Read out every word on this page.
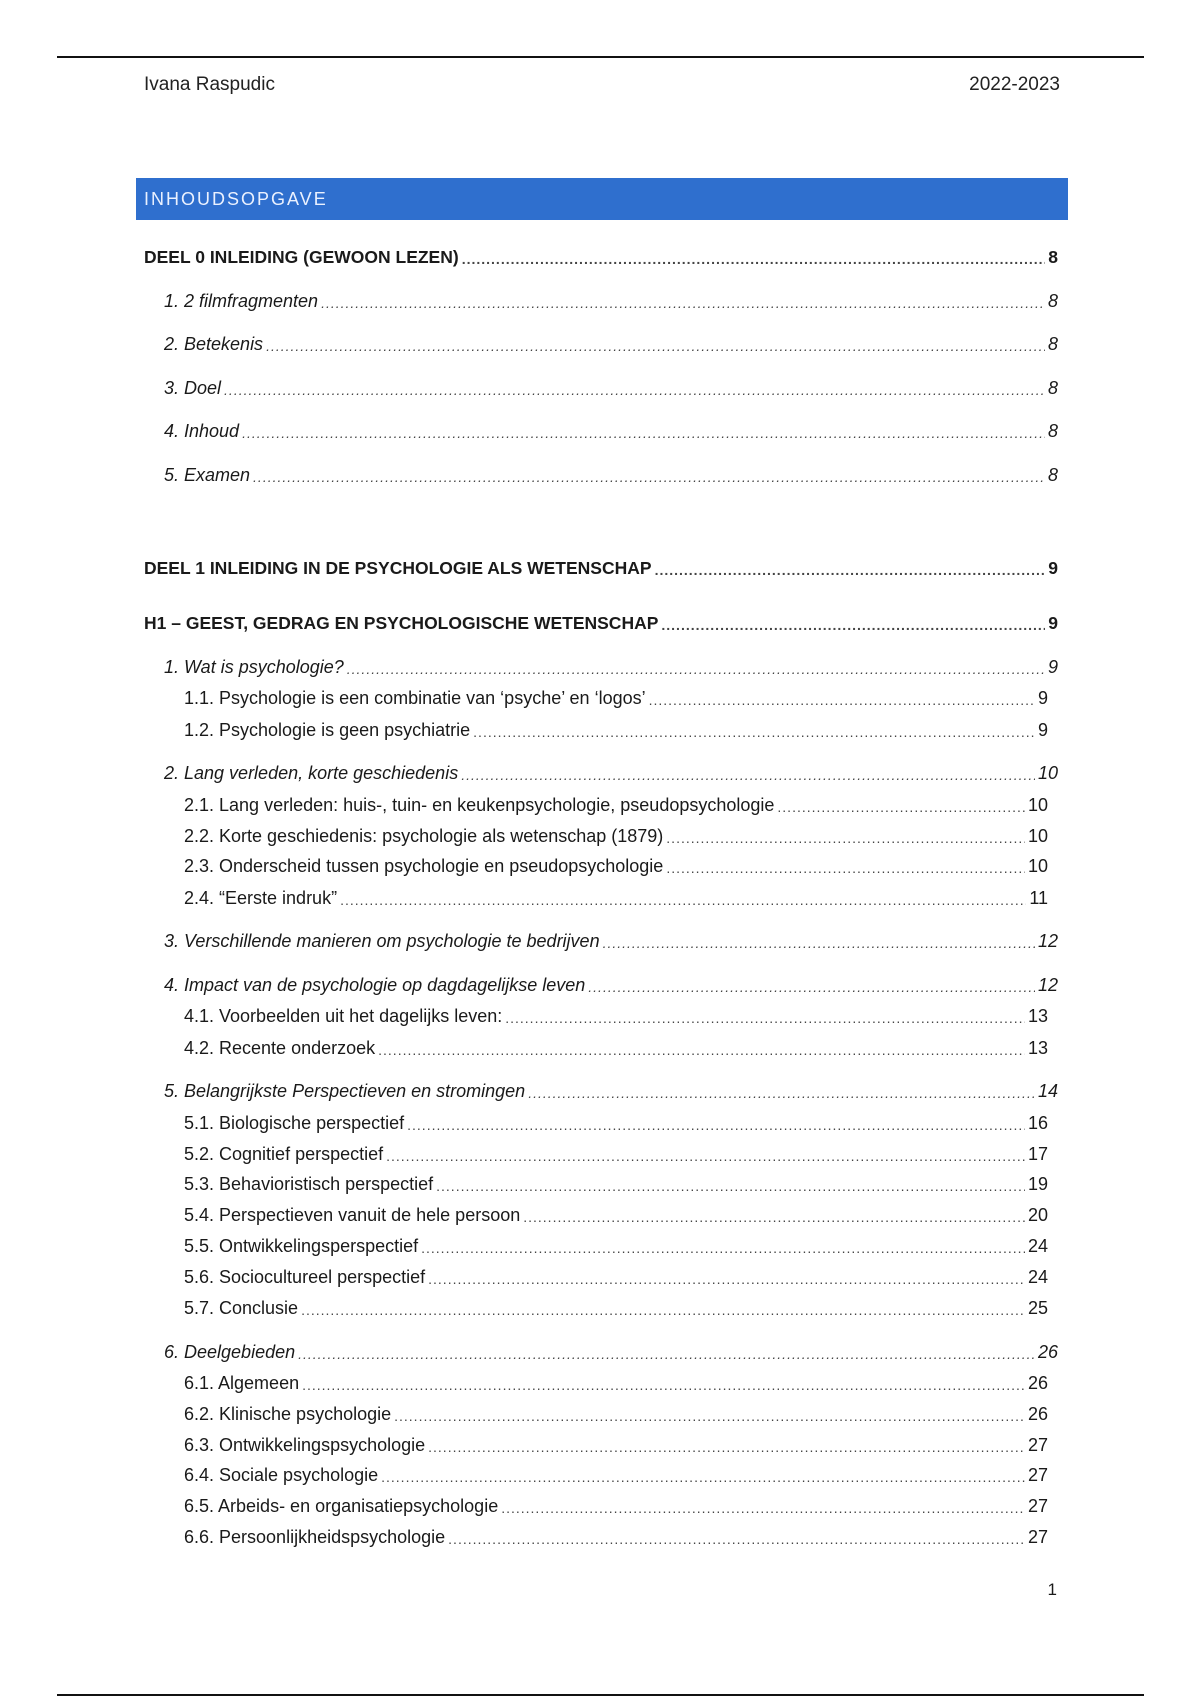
Ivana Raspudic	2022-2023
INHOUDSOPGAVE
DEEL 0 INLEIDING (GEWOON LEZEN) .....	8
1. 2 filmfragmenten .....	8
2. Betekenis .....	8
3. Doel .....	8
4. Inhoud .....	8
5. Examen .....	8
DEEL 1 INLEIDING IN DE PSYCHOLOGIE ALS WETENSCHAP .....	9
H1 – GEEST, GEDRAG EN PSYCHOLOGISCHE WETENSCHAP .....	9
1. Wat is psychologie? .....	9
1.1. Psychologie is een combinatie van ‘psyche’ en ‘logos’ .....	9
1.2. Psychologie is geen psychiatrie .....	9
2. Lang verleden, korte geschiedenis .....	10
2.1. Lang verleden: huis-, tuin- en keukenpsychologie, pseudopsychologie .....	10
2.2. Korte geschiedenis: psychologie als wetenschap (1879) .....	10
2.3. Onderscheid tussen psychologie en pseudopsychologie .....	10
2.4. “Eerste indruk” .....	11
3. Verschillende manieren om psychologie te bedrijven .....	12
4. Impact van de psychologie op dagdagelijkse leven .....	12
4.1. Voorbeelden uit het dagelijks leven: .....	13
4.2. Recente onderzoek .....	13
5. Belangrijkste Perspectieven en stromingen .....	14
5.1. Biologische perspectief .....	16
5.2. Cognitief perspectief .....	17
5.3. Behavioristisch perspectief .....	19
5.4. Perspectieven vanuit de hele persoon .....	20
5.5. Ontwikkelingsperspectief .....	24
5.6. Sociocultureel perspectief .....	24
5.7. Conclusie .....	25
6. Deelgebieden .....	26
6.1. Algemeen .....	26
6.2. Klinische psychologie .....	26
6.3. Ontwikkelingspsychologie .....	27
6.4. Sociale psychologie .....	27
6.5. Arbeids- en organisatiepsychologie .....	27
6.6. Persoonlijkheidspsychologie .....	27
1
